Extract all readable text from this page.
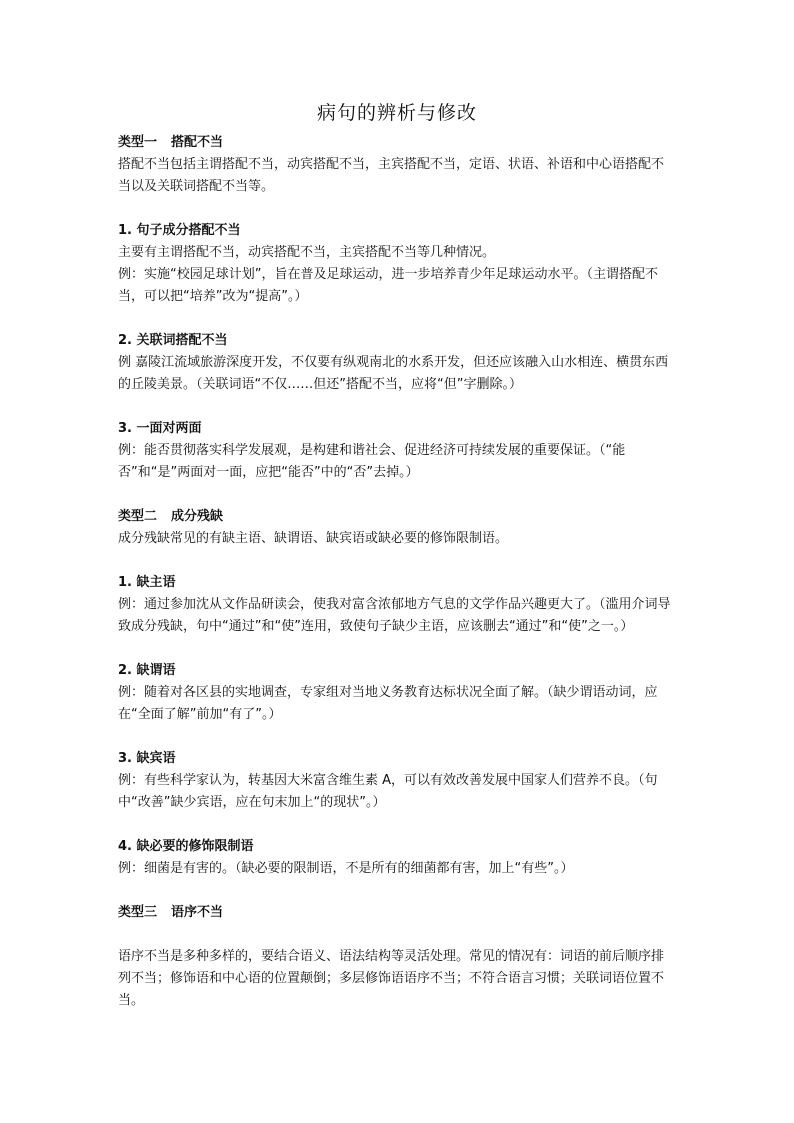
病句的辨析与修改
类型一 搭配不当

搭配不当包括主谓搭配不当，动宾搭配不当，主宾搭配不当，定语、状语、补语和中心语搭配不当以及关联词搭配不当等。

1. 句子成分搭配不当

主要有主谓搭配不当，动宾搭配不当，主宾搭配不当等几种情况。

例：实施“校园足球计划”，旨在普及足球运动，进一步培养青少年足球运动水平。（主谓搭配不当，可以把“培养”改为“提高”。）

2. 关联词搭配不当

例 嘉陵江流域旅游深度开发，不仅要有纵观南北的水系开发，但还应该融入山水相连、横贯东西的丘陵美景。（关联词语“不仅……但还”搭配不当，应将“但”字删除。）

3. 一面对两面

例：能否贯彻落实科学发展观，是构建和谐社会、促进经济可持续发展的重要保证。（“能否”和“是”两面对一面，应把“能否”中的“否”去掉。）

类型二 成分残缺

成分残缺常见的有缺主语、缺谓语、缺宾语或缺必要的修饰限制语。

1. 缺主语

例：通过参加沈从文作品研读会，使我对富含浓郁地方气息的文学作品兴趣更大了。（滥用介词导致成分残缺，句中“通过”和“使”连用，致使句子缺少主语，应该删去“通过”和“使”之一。）

2. 缺谓语

例：随着对各区县的实地调查，专家组对当地义务教育达标状况全面了解。（缺少谓语动词，应在“全面了解”前加“有了”。）

3. 缺宾语

例：有些科学家认为，转基因大米富含维生素 A，可以有效改善发展中国家人们营养不良。（句中“改善”缺少宾语，应在句末加上“的现状”。）

4. 缺必要的修饰限制语

例：细菌是有害的。（缺必要的限制语，不是所有的细菌都有害，加上“有些”。）

类型三 语序不当

语序不当是多种多样的，要结合语义、语法结构等灵活处理。常见的情况有：词语的前后顺序排列不当；修饰语和中心语的位置颠倒；多层修饰语语序不当；不符合语言习惯；关联词语位置不当。
